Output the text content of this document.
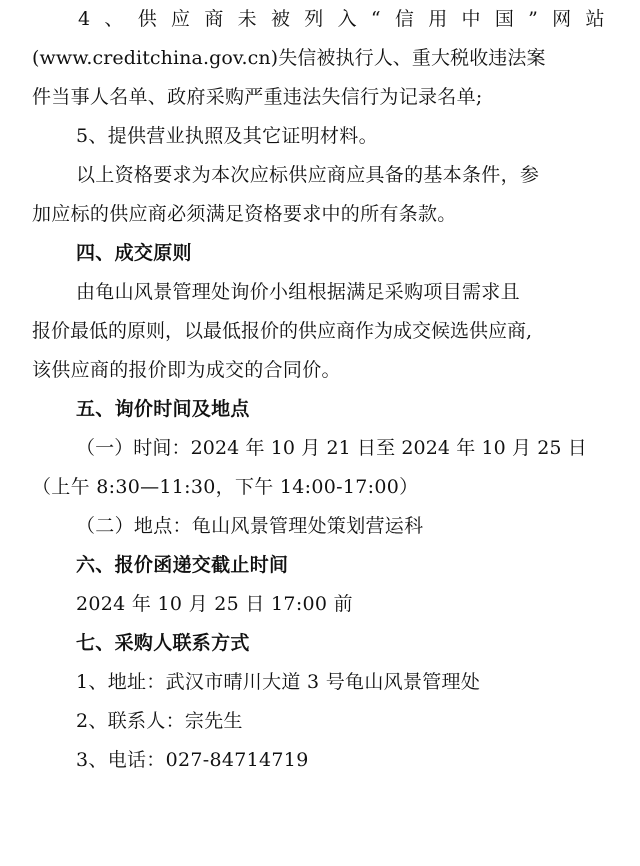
4 、 供 应 商 未 被 列 入 “ 信 用 中 国 ” 网 站
(www.creditchina.gov.cn)失信被执行人、重大税收违法案
件当事人名单、政府采购严重违法失信行为记录名单;
5、提供营业执照及其它证明材料。
以上资格要求为本次应标供应商应具备的基本条件，参
加应标的供应商必须满足资格要求中的所有条款。
四、成交原则
由龟山风景管理处询价小组根据满足采购项目需求且
报价最低的原则，以最低报价的供应商作为成交候选供应商,
该供应商的报价即为成交的合同价。
五、询价时间及地点
（一）时间：2024 年 10 月 21 日至 2024 年 10 月 25 日
（上午 8:30—11:30，下午 14:00-17:00）
（二）地点：龟山风景管理处策划营运科
六、报价函递交截止时间
2024 年 10 月 25 日 17:00 前
七、采购人联系方式
1、地址：武汉市晴川大道 3 号龟山风景管理处
2、联系人：宗先生
3、电话：027-84714719
